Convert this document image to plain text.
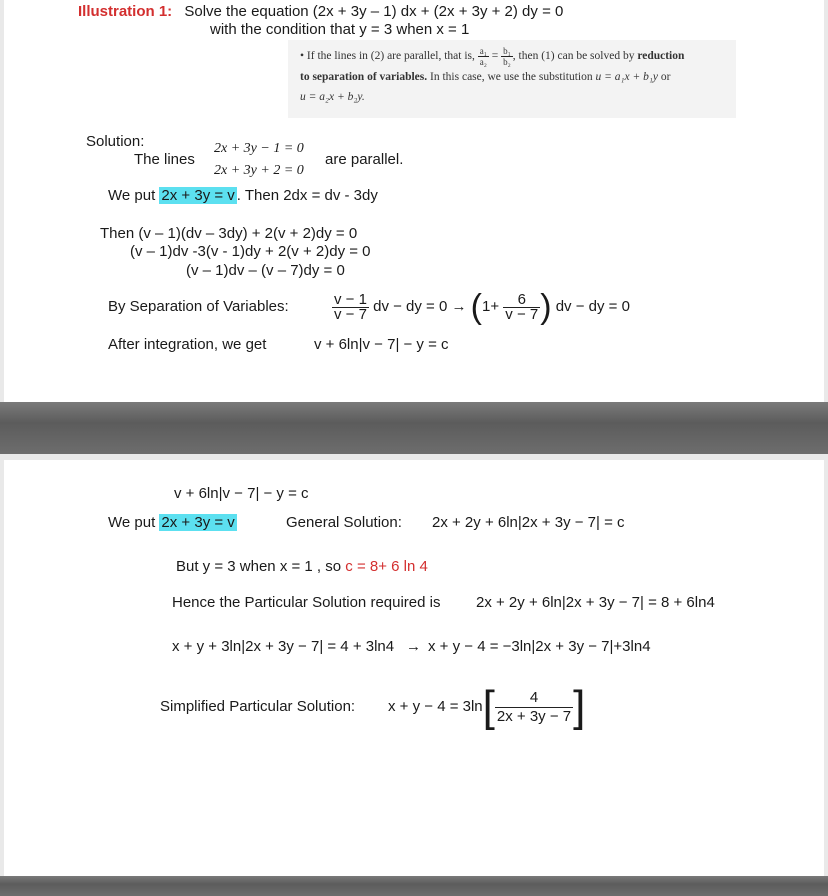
Illustration 1: Solve the equation (2x + 3y – 1) dx + (2x + 3y + 2) dy = 0
with the condition that y = 3 when x = 1
• If the lines in (2) are parallel, that is, $\frac{\text{a₁}}{\text{a₂}} = \frac{\text{b₁}}{\text{b₂}}$ , then (1) can be solved by reduction
to separation of variables. In this case, we use the substitution u = a₁x + b₁y or
u = a₂x + b₂y.
Solution:
The lines
2x + 3y − 1 = 0
2x + 3y + 2 = 0
are parallel.
We put 2x + 3y = v . Then 2dx = dv - 3dy
Then (v – 1)(dv – 3dy) + 2(v + 2)dy = 0
(v – 1)dv -3(v - 1)dy + 2(v + 2)dy = 0
(v – 1)dv – (v – 7)dy = 0
By Separation of Variables:	$\frac{v - 1}{v - 7}$ dv − dy = $0 \to (1+ \frac{6}{v - 7}$ ) dv − dy = 0
After integration, we get	v + 6ln|v − 7| − y = c
v + 6ln|v − 7| − y = c
We put 2x + 3y = v	General Solution: 2x + 2y + 6ln|2x + 3y − 7| = c
But y = 3 when x = 1 , so c = 8+ 6 ln 4
Hence the Particular Solution required is 2x + 2y + 6ln|2x + 3y − 7| = 8 + 6ln4
x + y + 3ln|2x + 3y − 7| = 4 + 3ln4 → x + y − 4 = −3ln|2x + 3y − 7|+3ln4
Simplified Particular Solution: $x + y - 4 = 3\ln[ \frac{4}{2x + 3y - 7}$ ]
